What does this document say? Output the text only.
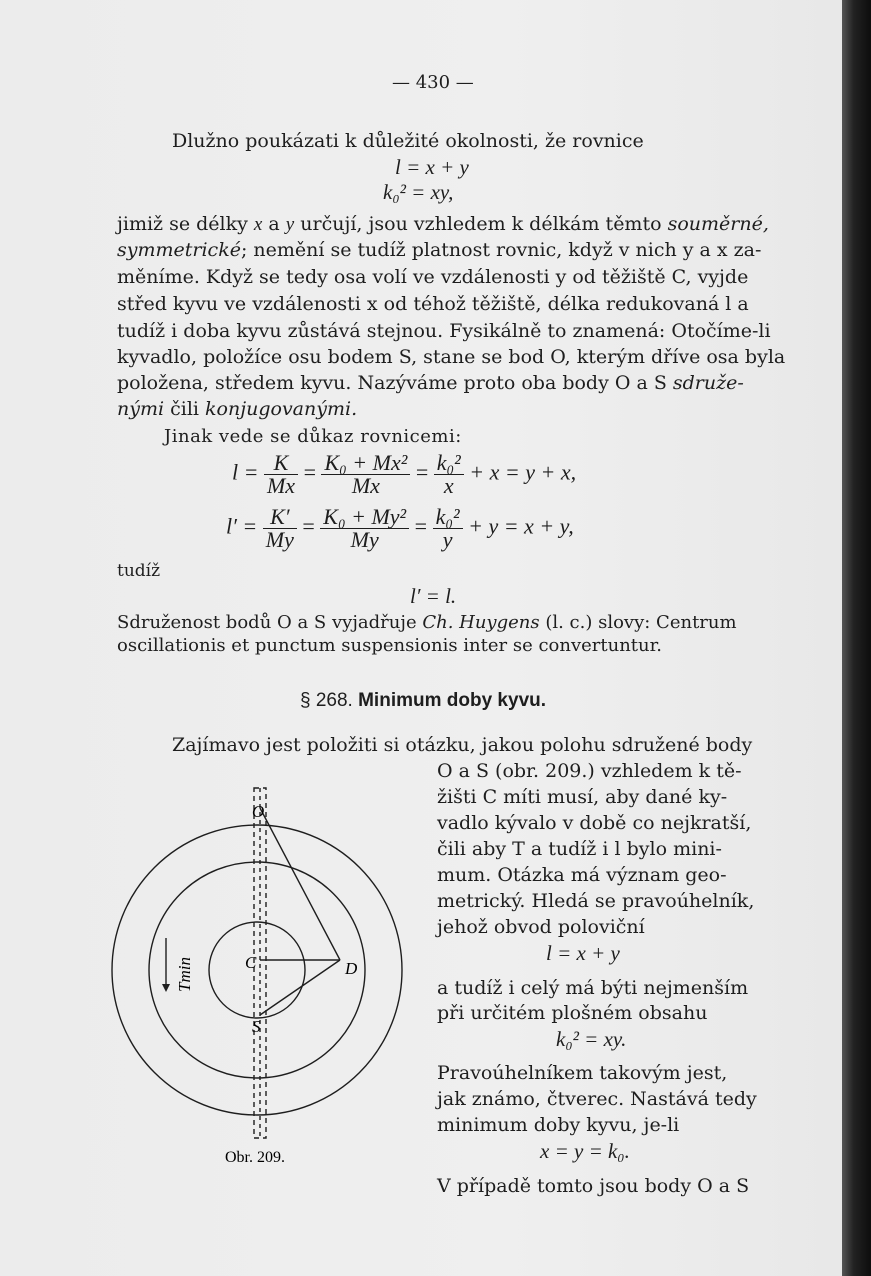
— 430 —
Dlužno poukázati k důležité okolnosti, že rovnice
l = x + y
k₀² = xy,
jimiž se délky x a y určují, jsou vzhledem k délkám těmto souměrné,
symmetrické; nemění se tudíž platnost rovnic, když v nich y a x za-
měníme. Když se tedy osa volí ve vzdálenosti y od těžiště C, vyjde
střed kyvu ve vzdálenosti x od téhož těžiště, délka redukovaná l a
tudíž i doba kyvu zůstává stejnou. Fysikálně to znamená: Otočíme-li
kyvadlo, položíce osu bodem S, stane se bod O, kterým dříve osa byla
položena, středem kyvu. Nazýváme proto oba body O a S sdruže-
nými čili konjugovanými.
Jinak vede se důkaz rovnicemi:
$l = \frac{K}{Mx} = \frac{\text{K₀ + Mx²}}{Mx} = \frac{\text{k₀²}}{x} + x = y + x$,
$l' = \frac{K'}{My} = \frac{\text{K₀ + My²}}{My} = \frac{\text{k₀²}}{y} + y = x + y$,
tudíž
l′ = l.
Sdruženost bodů O a S vyjadřuje Ch. Huygens (l. c.) slovy: Centrum
oscillationis et punctum suspensionis inter se convertuntur.
§ 268. Minimum doby kyvu.
Zajímavo jest položiti si otázku, jakou polohu sdružené body
O a S (obr. 209.) vzhledem k tě-
žišti C míti musí, aby dané ky-
vadlo kývalo v době co nejkratší,
čili aby T a tudíž i l bylo mini-
mum. Otázka má význam geo-
metrický. Hledá se pravoúhelník,
jehož obvod poloviční
l = x + y
a tudíž i celý má býti nejmenším
při určitém plošném obsahu
k₀² = xy.
Pravoúhelníkem takovým jest,
jak známo, čtverec. Nastává tedy
minimum doby kyvu, je-li
x = y = k₀.
V případě tomto jsou body O a S
O
C
S
D
Tmin
Obr. 209.
